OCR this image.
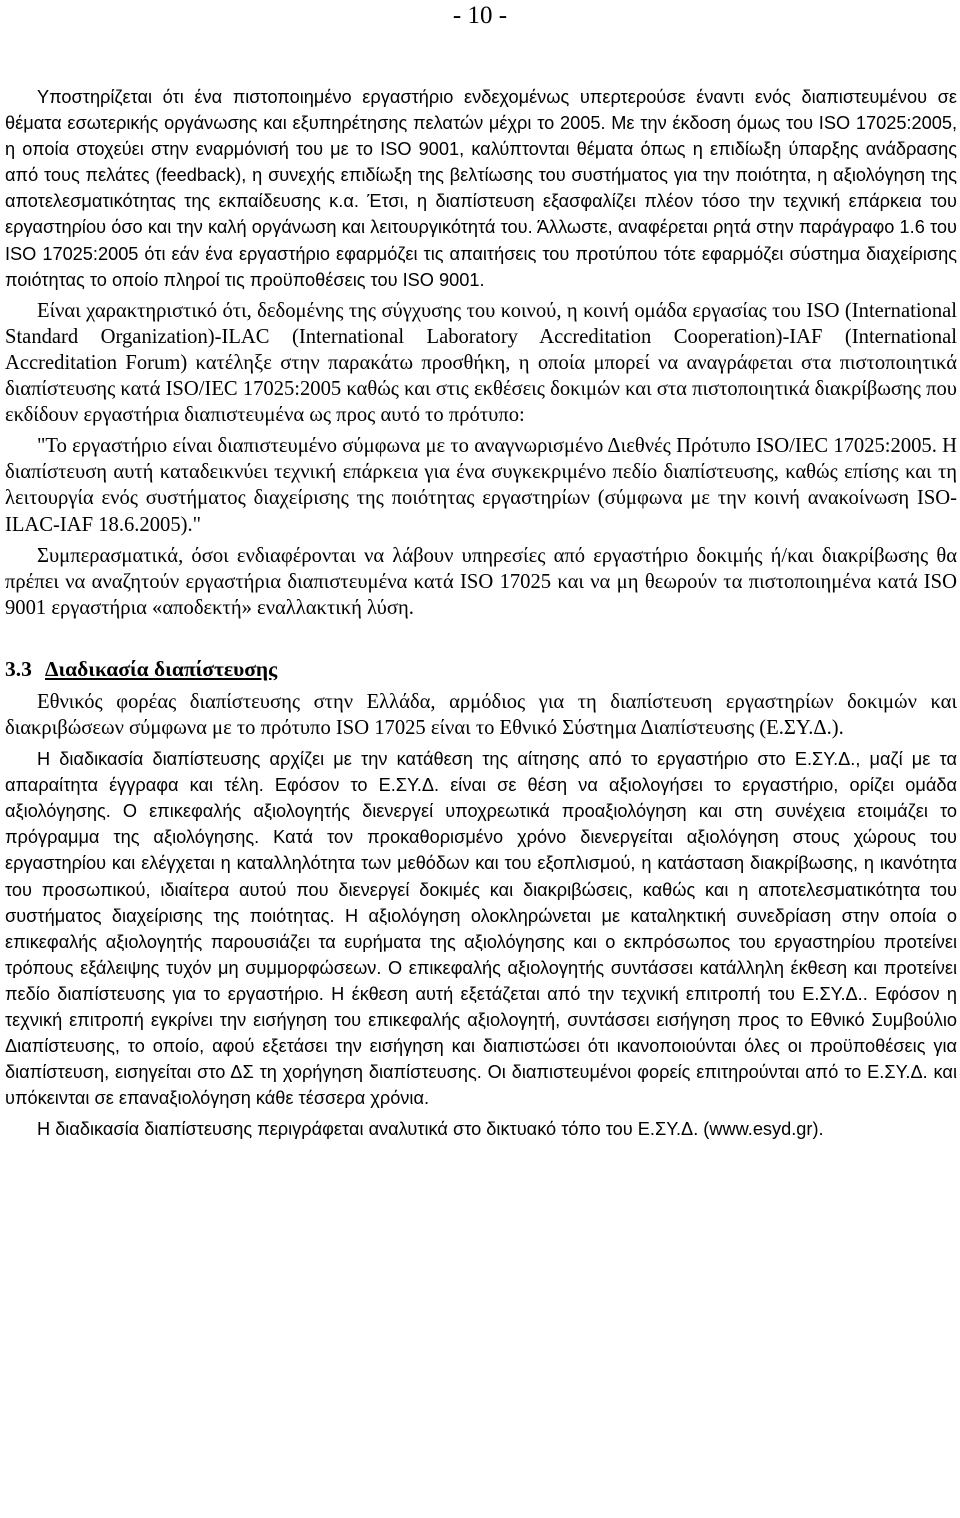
- 10 -

Υποστηρίζεται ότι ένα πιστοποιημένο εργαστήριο ενδεχομένως υπερτερούσε έναντι ενός διαπιστευμένου σε θέματα εσωτερικής οργάνωσης και εξυπηρέτησης πελατών μέχρι το 2005. Με την έκδοση όμως του ISO 17025:2005, η οποία στοχεύει στην εναρμόνισή του με το ISO 9001, καλύπτονται θέματα όπως η επιδίωξη ύπαρξης ανάδρασης από τους πελάτες (feedback), η συνεχής επιδίωξη της βελτίωσης του συστήματος για την ποιότητα, η αξιολόγηση της αποτελεσματικότητας της εκπαίδευσης κ.α. Έτσι, η διαπίστευση εξασφαλίζει πλέον τόσο την τεχνική επάρκεια του εργαστηρίου όσο και την καλή οργάνωση και λειτουργικότητά του. Άλλωστε, αναφέρεται ρητά στην παράγραφο 1.6 του ISO 17025:2005 ότι εάν ένα εργαστήριο εφαρμόζει τις απαιτήσεις του προτύπου τότε εφαρμόζει σύστημα διαχείρισης ποιότητας το οποίο πληροί τις προϋποθέσεις του ISO 9001.

Είναι χαρακτηριστικό ότι, δεδομένης της σύγχυσης του κοινού, η κοινή ομάδα εργασίας του ISO (International Standard Organization)-ILAC (International Laboratory Accreditation Cooperation)-IAF (International Accreditation Forum) κατέληξε στην παρακάτω προσθήκη, η οποία μπορεί να αναγράφεται στα πιστοποιητικά διαπίστευσης κατά ISO/IEC 17025:2005 καθώς και στις εκθέσεις δοκιμών και στα πιστοποιητικά διακρίβωσης που εκδίδουν εργαστήρια διαπιστευμένα ως προς αυτό το πρότυπο:

"Το εργαστήριο είναι διαπιστευμένο σύμφωνα με το αναγνωρισμένο Διεθνές Πρότυπο ISO/IEC 17025:2005. Η διαπίστευση αυτή καταδεικνύει τεχνική επάρκεια για ένα συγκεκριμένο πεδίο διαπίστευσης, καθώς επίσης και τη λειτουργία ενός συστήματος διαχείρισης της ποιότητας εργαστηρίων (σύμφωνα με την κοινή ανακοίνωση ISO-ILAC-IAF 18.6.2005)."

Συμπερασματικά, όσοι ενδιαφέρονται να λάβουν υπηρεσίες από εργαστήριο δοκιμής ή/και διακρίβωσης θα πρέπει να αναζητούν εργαστήρια διαπιστευμένα κατά ISO 17025 και να μη θεωρούν τα πιστοποιημένα κατά ISO 9001 εργαστήρια «αποδεκτή» εναλλακτική λύση.

3.3 Διαδικασία διαπίστευσης

Εθνικός φορέας διαπίστευσης στην Ελλάδα, αρμόδιος για τη διαπίστευση εργαστηρίων δοκιμών και διακριβώσεων σύμφωνα με το πρότυπο ISO 17025 είναι το Εθνικό Σύστημα Διαπίστευσης (Ε.ΣΥ.Δ.).

Η διαδικασία διαπίστευσης αρχίζει με την κατάθεση της αίτησης από το εργαστήριο στο Ε.ΣΥ.Δ., μαζί με τα απαραίτητα έγγραφα και τέλη. Εφόσον το Ε.ΣΥ.Δ. είναι σε θέση να αξιολογήσει το εργαστήριο, ορίζει ομάδα αξιολόγησης. Ο επικεφαλής αξιολογητής διενεργεί υποχρεωτικά προαξιολόγηση και στη συνέχεια ετοιμάζει το πρόγραμμα της αξιολόγησης. Κατά τον προκαθορισμένο χρόνο διενεργείται αξιολόγηση στους χώρους του εργαστηρίου και ελέγχεται η καταλληλότητα των μεθόδων και του εξοπλισμού, η κατάσταση διακρίβωσης, η ικανότητα του προσωπικού, ιδιαίτερα αυτού που διενεργεί δοκιμές και διακριβώσεις, καθώς και η αποτελεσματικότητα του συστήματος διαχείρισης της ποιότητας. Η αξιολόγηση ολοκληρώνεται με καταληκτική συνεδρίαση στην οποία ο επικεφαλής αξιολογητής παρουσιάζει τα ευρήματα της αξιολόγησης και ο εκπρόσωπος του εργαστηρίου προτείνει τρόπους εξάλειψης τυχόν μη συμμορφώσεων. Ο επικεφαλής αξιολογητής συντάσσει κατάλληλη έκθεση και προτείνει πεδίο διαπίστευσης για το εργαστήριο. Η έκθεση αυτή εξετάζεται από την τεχνική επιτροπή του Ε.ΣΥ.Δ.. Εφόσον η τεχνική επιτροπή εγκρίνει την εισήγηση του επικεφαλής αξιολογητή, συντάσσει εισήγηση προς το Εθνικό Συμβούλιο Διαπίστευσης, το οποίο, αφού εξετάσει την εισήγηση και διαπιστώσει ότι ικανοποιούνται όλες οι προϋποθέσεις για διαπίστευση, εισηγείται στο ΔΣ τη χορήγηση διαπίστευσης. Οι διαπιστευμένοι φορείς επιτηρούνται από το Ε.ΣΥ.Δ. και υπόκεινται σε επαναξιολόγηση κάθε τέσσερα χρόνια.

Η διαδικασία διαπίστευσης περιγράφεται αναλυτικά στο δικτυακό τόπο του Ε.ΣΥ.Δ. (www.esyd.gr).
